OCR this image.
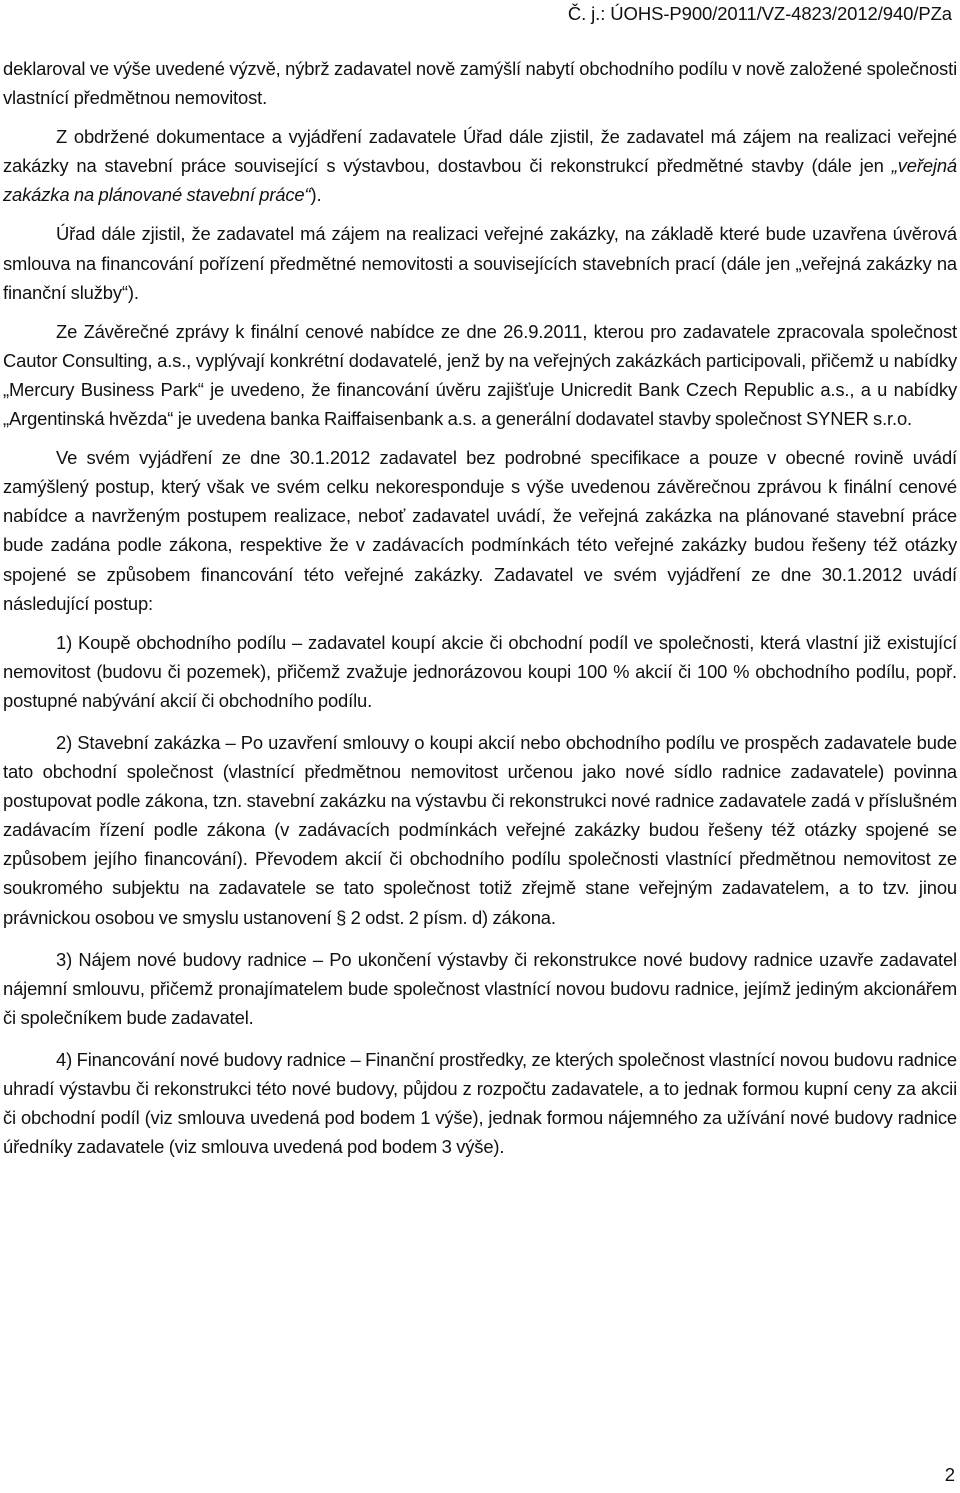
Č. j.: ÚOHS-P900/2011/VZ-4823/2012/940/PZa

deklaroval ve výše uvedené výzvě, nýbrž zadavatel nově zamýšlí nabytí obchodního podílu v nově založené společnosti vlastnící předmětnou nemovitost.

Z obdržené dokumentace a vyjádření zadavatele Úřad dále zjistil, že zadavatel má zájem na realizaci veřejné zakázky na stavební práce související s výstavbou, dostavbou či rekonstrukcí předmětné stavby (dále jen „veřejná zakázka na plánované stavební práce“).

Úřad dále zjistil, že zadavatel má zájem na realizaci veřejné zakázky, na základě které bude uzavřena úvěrová smlouva na financování pořízení předmětné nemovitosti a souvisejících stavebních prací (dále jen „veřejná zakázky na finanční služby“).

Ze Závěrečné zprávy k finální cenové nabídce ze dne 26.9.2011, kterou pro zadavatele zpracovala společnost Cautor Consulting, a.s., vyplývají konkrétní dodavatelé, jenž by na veřejných zakázkách participovali, přičemž u nabídky „Mercury Business Park“ je uvedeno, že financování úvěru zajišťuje Unicredit Bank Czech Republic a.s., a u nabídky „Argentinská hvězda“ je uvedena banka Raiffaisenbank a.s. a generální dodavatel stavby společnost SYNER s.r.o.

Ve svém vyjádření ze dne 30.1.2012 zadavatel bez podrobné specifikace a pouze v obecné rovině uvádí zamýšlený postup, který však ve svém celku nekoresponduje s výše uvedenou závěrečnou zprávou k finální cenové nabídce a navrženým postupem realizace, neboť zadavatel uvádí, že veřejná zakázka na plánované stavební práce bude zadána podle zákona, respektive že v zadávacích podmínkách této veřejné zakázky budou řešeny též otázky spojené se způsobem financování této veřejné zakázky. Zadavatel ve svém vyjádření ze dne 30.1.2012 uvádí následující postup:

1) Koupě obchodního podílu – zadavatel koupí akcie či obchodní podíl ve společnosti, která vlastní již existující nemovitost (budovu či pozemek), přičemž zvažuje jednorázovou koupi 100 % akcií či 100 % obchodního podílu, popř. postupné nabývání akcií či obchodního podílu.

2) Stavební zakázka – Po uzavření smlouvy o koupi akcií nebo obchodního podílu ve prospěch zadavatele bude tato obchodní společnost (vlastnící předmětnou nemovitost určenou jako nové sídlo radnice zadavatele) povinna postupovat podle zákona, tzn. stavební zakázku na výstavbu či rekonstrukci nové radnice zadavatele zadá v příslušném zadávacím řízení podle zákona (v zadávacích podmínkách veřejné zakázky budou řešeny též otázky spojené se způsobem jejího financování). Převodem akcií či obchodního podílu společnosti vlastnící předmětnou nemovitost ze soukromého subjektu na zadavatele se tato společnost totiž zřejmě stane veřejným zadavatelem, a to tzv. jinou právnickou osobou ve smyslu ustanovení § 2 odst. 2 písm. d) zákona.

3) Nájem nové budovy radnice – Po ukončení výstavby či rekonstrukce nové budovy radnice uzavře zadavatel nájemní smlouvu, přičemž pronajímatelem bude společnost vlastnící novou budovu radnice, jejímž jediným akcionářem či společníkem bude zadavatel.

4) Financování nové budovy radnice – Finanční prostředky, ze kterých společnost vlastnící novou budovu radnice uhradí výstavbu či rekonstrukci této nové budovy, půjdou z rozpočtu zadavatele, a to jednak formou kupní ceny za akcii či obchodní podíl (viz smlouva uvedená pod bodem 1 výše), jednak formou nájemného za užívání nové budovy radnice úředníky zadavatele (viz smlouva uvedená pod bodem 3 výše).

2
